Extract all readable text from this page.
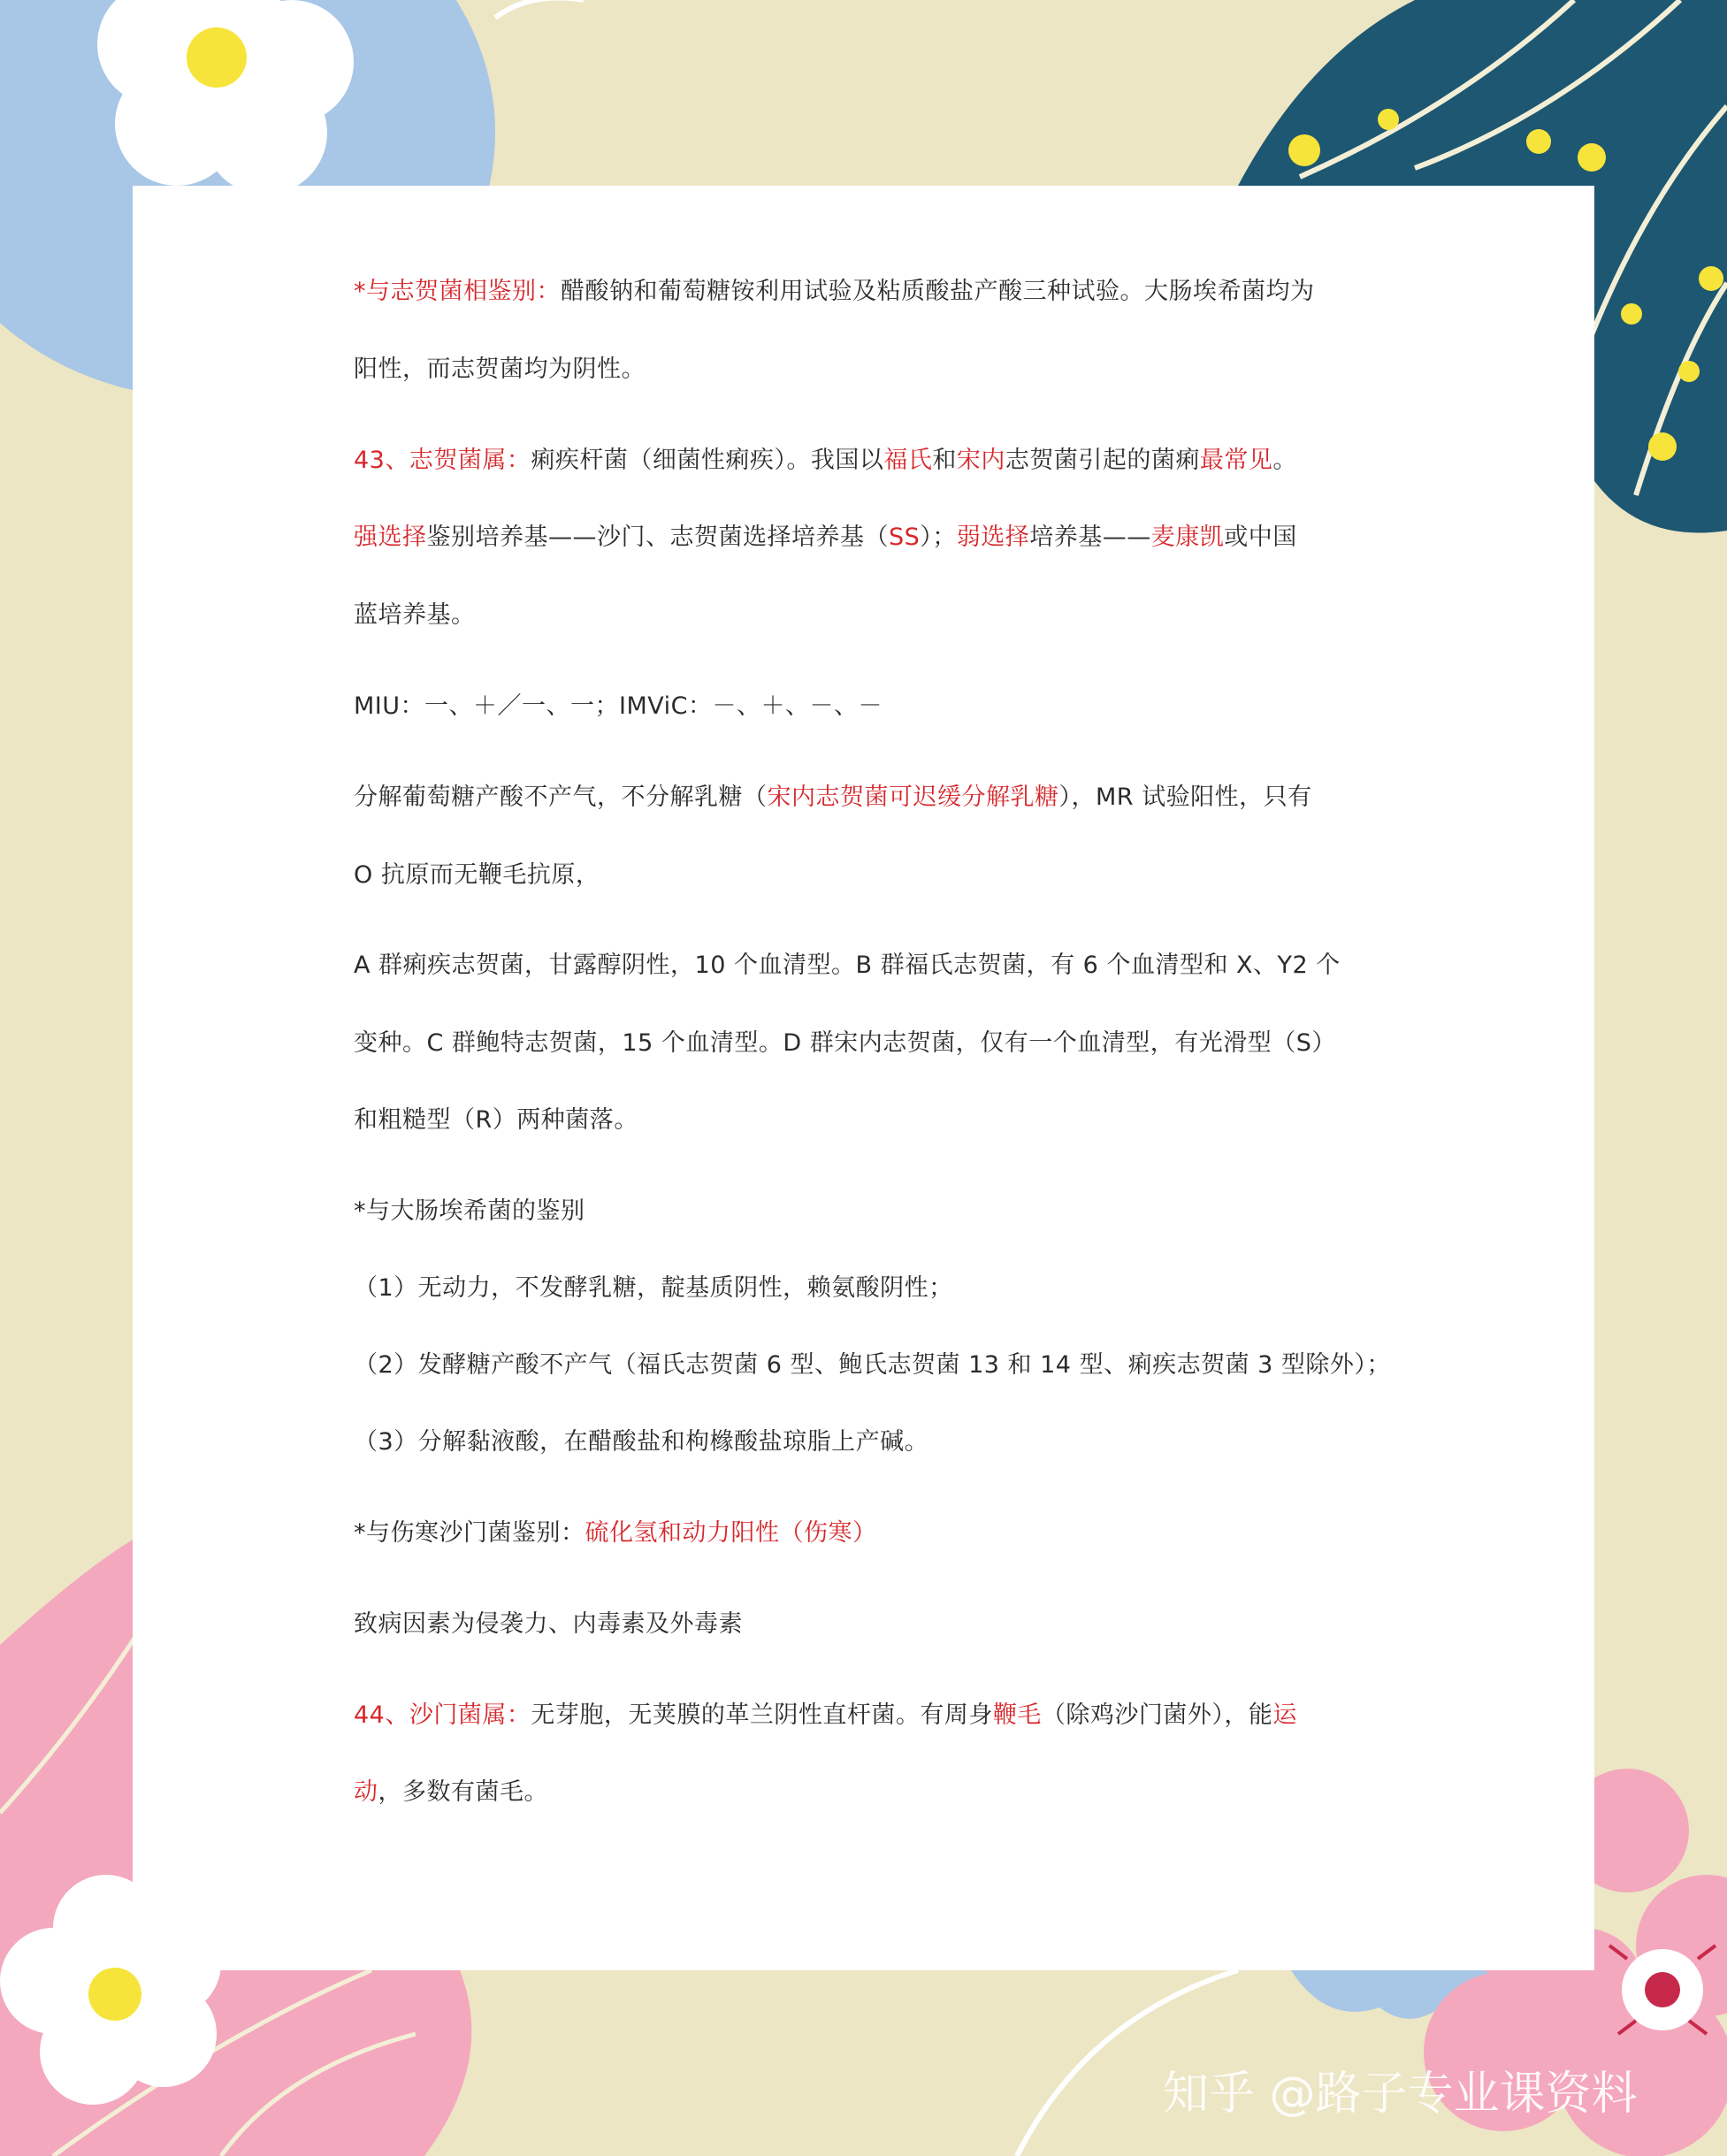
*与志贺菌相鉴别：醋酸钠和葡萄糖铵利用试验及粘质酸盐产酸三种试验。大肠埃希菌均为
阳性，而志贺菌均为阴性。
43、志贺菌属：痢疾杆菌（细菌性痢疾）。我国以福氏和宋内志贺菌引起的菌痢最常见。
强选择鉴别培养基——沙门、志贺菌选择培养基（SS）；弱选择培养基——麦康凯或中国
蓝培养基。
MIU：一、＋／一、一；IMViC：－、＋、－、－
分解葡萄糖产酸不产气，不分解乳糖（宋内志贺菌可迟缓分解乳糖），MR 试验阳性，只有
O 抗原而无鞭毛抗原，
A 群痢疾志贺菌，甘露醇阴性，10 个血清型。B 群福氏志贺菌，有 6 个血清型和 X、Y2 个
变种。C 群鲍特志贺菌，15 个血清型。D 群宋内志贺菌，仅有一个血清型，有光滑型（S）
和粗糙型（R）两种菌落。
*与大肠埃希菌的鉴别
（1）无动力，不发酵乳糖，靛基质阴性，赖氨酸阴性；
（2）发酵糖产酸不产气（福氏志贺菌 6 型、鲍氏志贺菌 13 和 14 型、痢疾志贺菌 3 型除外）；
（3）分解黏液酸，在醋酸盐和枸橼酸盐琼脂上产碱。
*与伤寒沙门菌鉴别：硫化氢和动力阳性（伤寒）
致病因素为侵袭力、内毒素及外毒素
44、沙门菌属：无芽胞，无荚膜的革兰阴性直杆菌。有周身鞭毛（除鸡沙门菌外），能运
动，多数有菌毛。
知乎 @路子专业课资料
